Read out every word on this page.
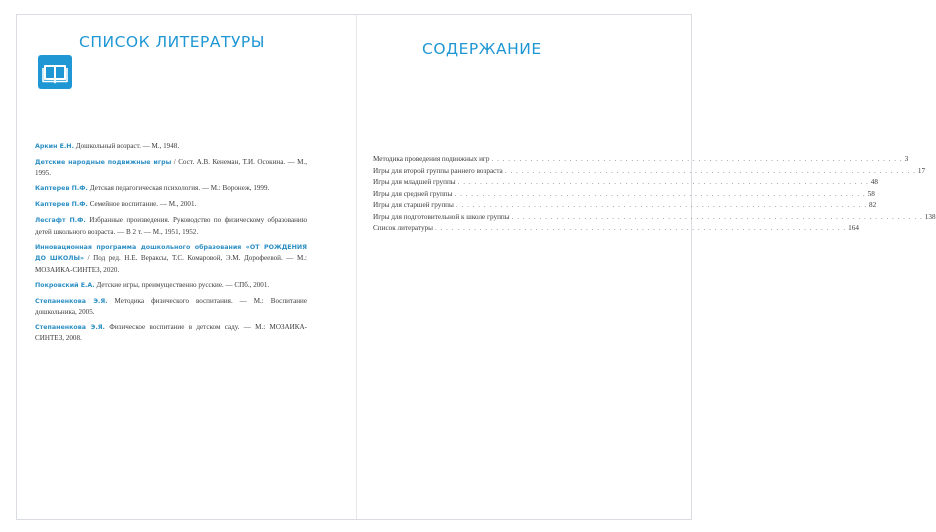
СПИСОК ЛИТЕРАТУРЫ
Аркин Е.Н. Дошкольный возраст. — М., 1948.
Детские народные подвижные игры / Сост. А.В. Кенеман, Т.И. Осокина. — М., 1995.
Каптерев П.Ф. Детская педагогическая психология. — М.: Воронеж, 1999.
Каптерев П.Ф. Семейное воспитание. — М., 2001.
Лесгафт П.Ф. Избранные произведения. Руководство по физическому образованию детей школьного возраста. — В 2 т. — М., 1951, 1952.
Инновационная программа дошкольного образования «ОТ РОЖДЕНИЯ ДО ШКОЛЫ» / Под ред. Н.Е. Вераксы, Т.С. Комаровой, Э.М. Дорофеевой. — М.: МОЗАИКА-СИНТЕЗ, 2020.
Покровский Е.А. Детские игры, преимущественно русские. — СПб., 2001.
Степаненкова Э.Я. Методика физического воспитания. — М.: Воспитание дошкольника, 2005.
Степаненкова Э.Я. Физическое воспитание в детском саду. — М.: МОЗАИКА-СИНТЕЗ, 2008.
СОДЕРЖАНИЕ
Методика проведения подвижных игр . . . . . . . . . . . . . . . . . . . . . . . . . . . . . . . . . . . . . . . . . . . . . . . . . . . . . . . . . . . . . . . . . . . . . . . . . . 3
Игры для второй группы раннего возраста . . . . . . . . . . . . . . . . . . . . . . . . . . . . . . . . . . . . . . . . . . . . . . . . . . . . . . . . . . . . . . . . . . . . . . . . . . 17
Игры для младшей группы . . . . . . . . . . . . . . . . . . . . . . . . . . . . . . . . . . . . . . . . . . . . . . . . . . . . . . . . . . . . . . . . . . . . . . . . . . 48
Игры для средней группы . . . . . . . . . . . . . . . . . . . . . . . . . . . . . . . . . . . . . . . . . . . . . . . . . . . . . . . . . . . . . . . . . . . . . . . . . . 58
Игры для старшей группы . . . . . . . . . . . . . . . . . . . . . . . . . . . . . . . . . . . . . . . . . . . . . . . . . . . . . . . . . . . . . . . . . . . . . . . . . . 82
Игры для подготовительной к школе группы . . . . . . . . . . . . . . . . . . . . . . . . . . . . . . . . . . . . . . . . . . . . . . . . . . . . . . . . . . . . . . . . . . . . . . . . . . 138
Список литературы . . . . . . . . . . . . . . . . . . . . . . . . . . . . . . . . . . . . . . . . . . . . . . . . . . . . . . . . . . . . . . . . . . . . . . . . . . 164
